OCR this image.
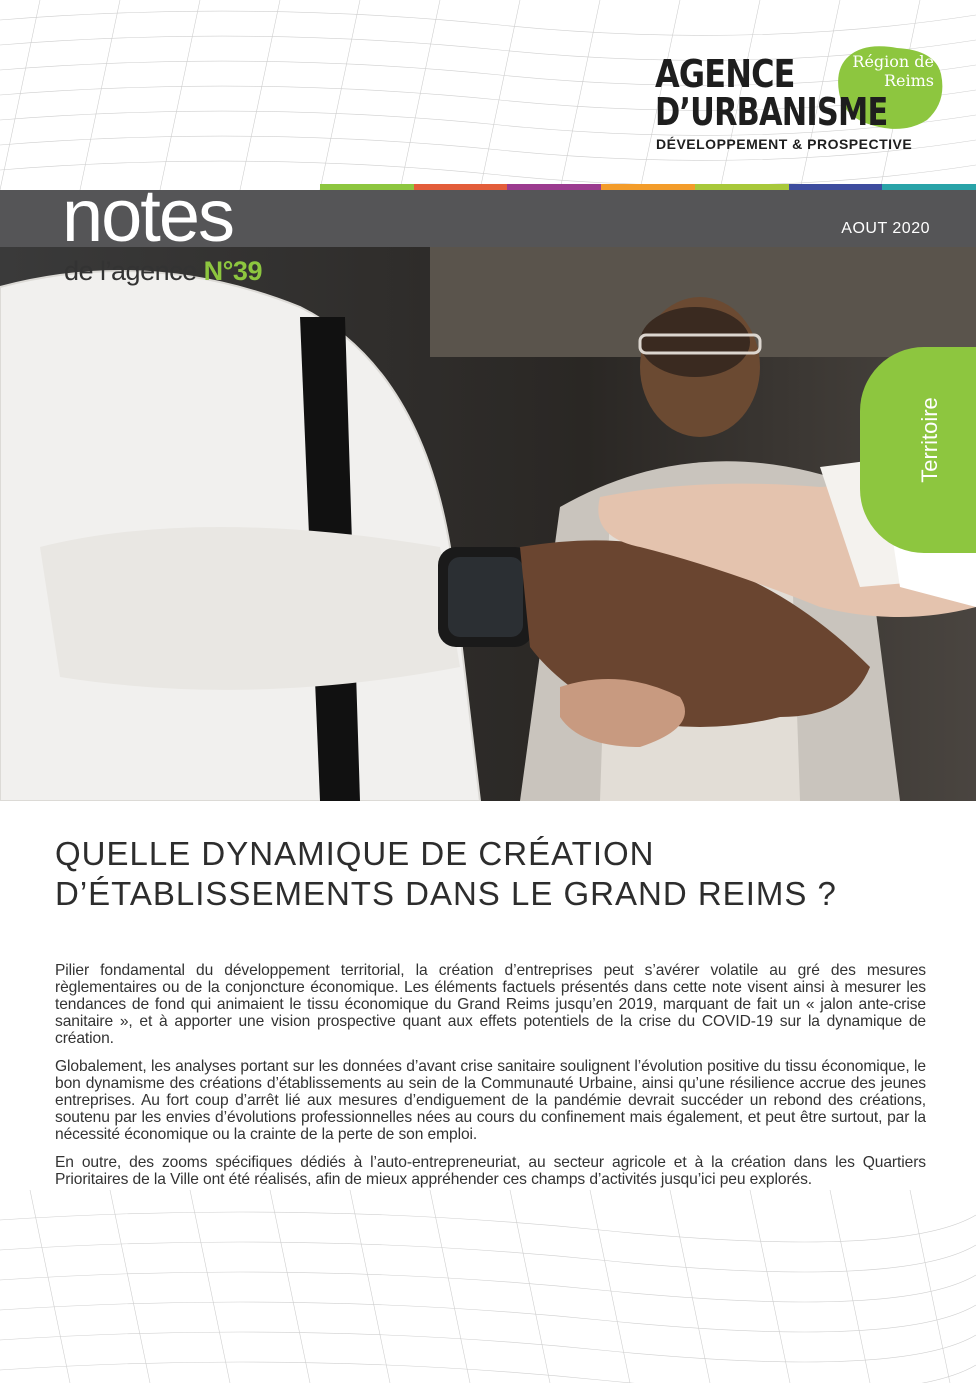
Région de Reims
AGENCE
D’URBANISME
DÉVELOPPEMENT & PROSPECTIVE
AOUT 2020
notes
de l’agence N°39
Territoire
QUELLE DYNAMIQUE DE CRÉATION
D’ÉTABLISSEMENTS DANS LE GRAND REIMS ?

Pilier fondamental du développement territorial, la création d’entreprises peut s’avérer volatile au gré des mesures règlementaires ou de la conjoncture économique. Les éléments factuels présentés dans cette note visent ainsi à mesurer les tendances de fond qui animaient le tissu économique du Grand Reims jusqu’en 2019, marquant de fait un « jalon ante-crise sanitaire », et à apporter une vision prospective quant aux effets potentiels de la crise du COVID-19 sur la dynamique de création.

Globalement, les analyses portant sur les données d’avant crise sanitaire soulignent l’évolution positive du tissu économique, le bon dynamisme des créations d’établissements au sein de la Communauté Urbaine, ainsi qu’une résilience accrue des jeunes entreprises. Au fort coup d’arrêt lié aux mesures d’endiguement de la pandémie devrait succéder un rebond des créations, soutenu par les envies d’évolutions professionnelles nées au cours du confinement mais également, et peut être surtout, par la nécessité économique ou la crainte de la perte de son emploi.

En outre, des zooms spécifiques dédiés à l’auto-entrepreneuriat, au secteur agricole et à la création dans les Quartiers Prioritaires de la Ville ont été réalisés, afin de mieux appréhender ces champs d’activités jusqu’ici peu explorés.
